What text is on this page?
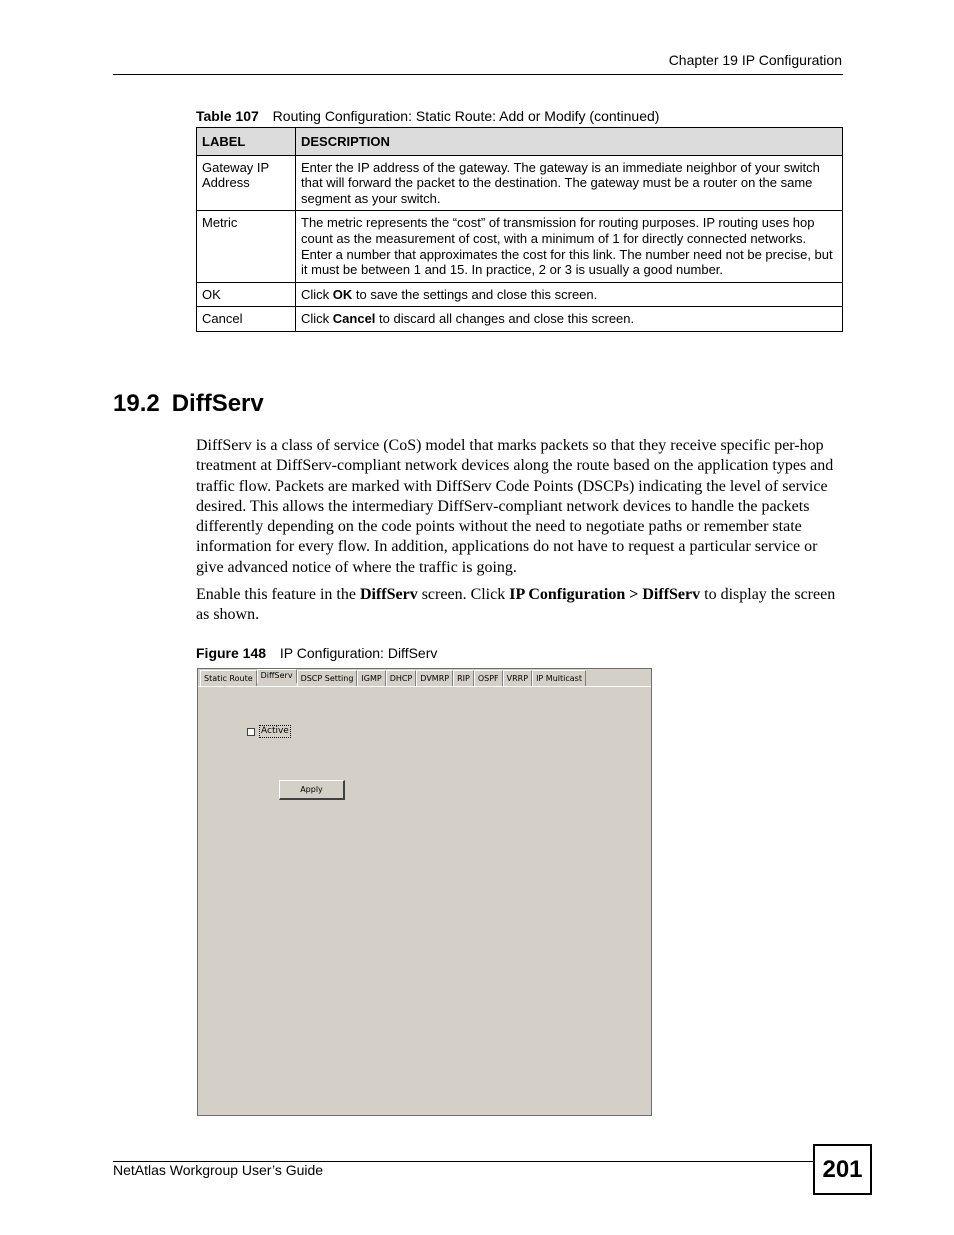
Chapter 19 IP Configuration
Table 107 Routing Configuration: Static Route: Add or Modify (continued)
LABEL	DESCRIPTION
Gateway IP Address	Enter the IP address of the gateway. The gateway is an immediate neighbor of your switch that will forward the packet to the destination. The gateway must be a router on the same segment as your switch.
Metric	The metric represents the “cost” of transmission for routing purposes. IP routing uses hop count as the measurement of cost, with a minimum of 1 for directly connected networks. Enter a number that approximates the cost for this link. The number need not be precise, but it must be between 1 and 15. In practice, 2 or 3 is usually a good number.
OK	Click OK to save the settings and close this screen.
Cancel	Click Cancel to discard all changes and close this screen.
19.2 DiffServ
DiffServ is a class of service (CoS) model that marks packets so that they receive specific per-hop treatment at DiffServ-compliant network devices along the route based on the application types and traffic flow. Packets are marked with DiffServ Code Points (DSCPs) indicating the level of service desired. This allows the intermediary DiffServ-compliant network devices to handle the packets differently depending on the code points without the need to negotiate paths or remember state information for every flow. In addition, applications do not have to request a particular service or give advanced notice of where the traffic is going.
Enable this feature in the DiffServ screen. Click IP Configuration > DiffServ to display the screen as shown.
Figure 148 IP Configuration: DiffServ
Static Route	DiffServ	DSCP Setting	IGMP	DHCP	DVMRP	RIP	OSPF	VRRP	IP Multicast
Active
Apply
NetAtlas Workgroup User’s Guide	201
